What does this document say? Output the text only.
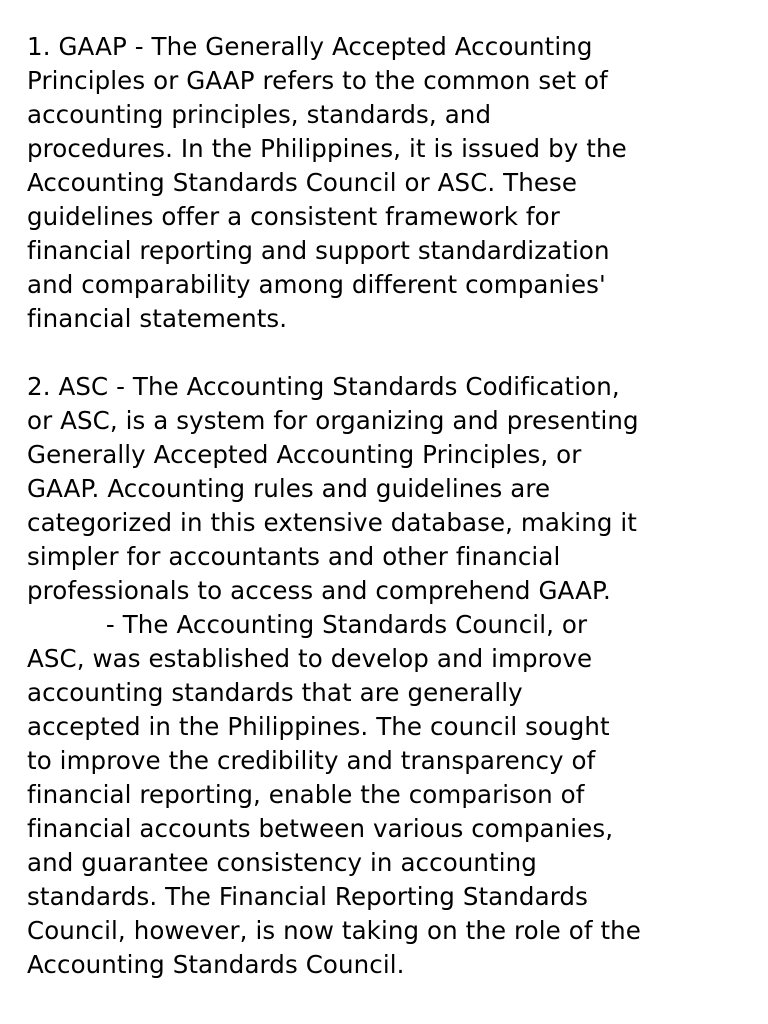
1. GAAP - The Generally Accepted Accounting
Principles or GAAP refers to the common set of
accounting principles, standards, and
procedures. In the Philippines, it is issued by the
Accounting Standards Council or ASC. These
guidelines offer a consistent framework for
financial reporting and support standardization
and comparability among different companies'
financial statements.
2. ASC - The Accounting Standards Codification,
or ASC, is a system for organizing and presenting
Generally Accepted Accounting Principles, or
GAAP. Accounting rules and guidelines are
categorized in this extensive database, making it
simpler for accountants and other financial
professionals to access and comprehend GAAP.
- The Accounting Standards Council, or
ASC, was established to develop and improve
accounting standards that are generally
accepted in the Philippines. The council sought
to improve the credibility and transparency of
financial reporting, enable the comparison of
financial accounts between various companies,
and guarantee consistency in accounting
standards. The Financial Reporting Standards
Council, however, is now taking on the role of the
Accounting Standards Council.
